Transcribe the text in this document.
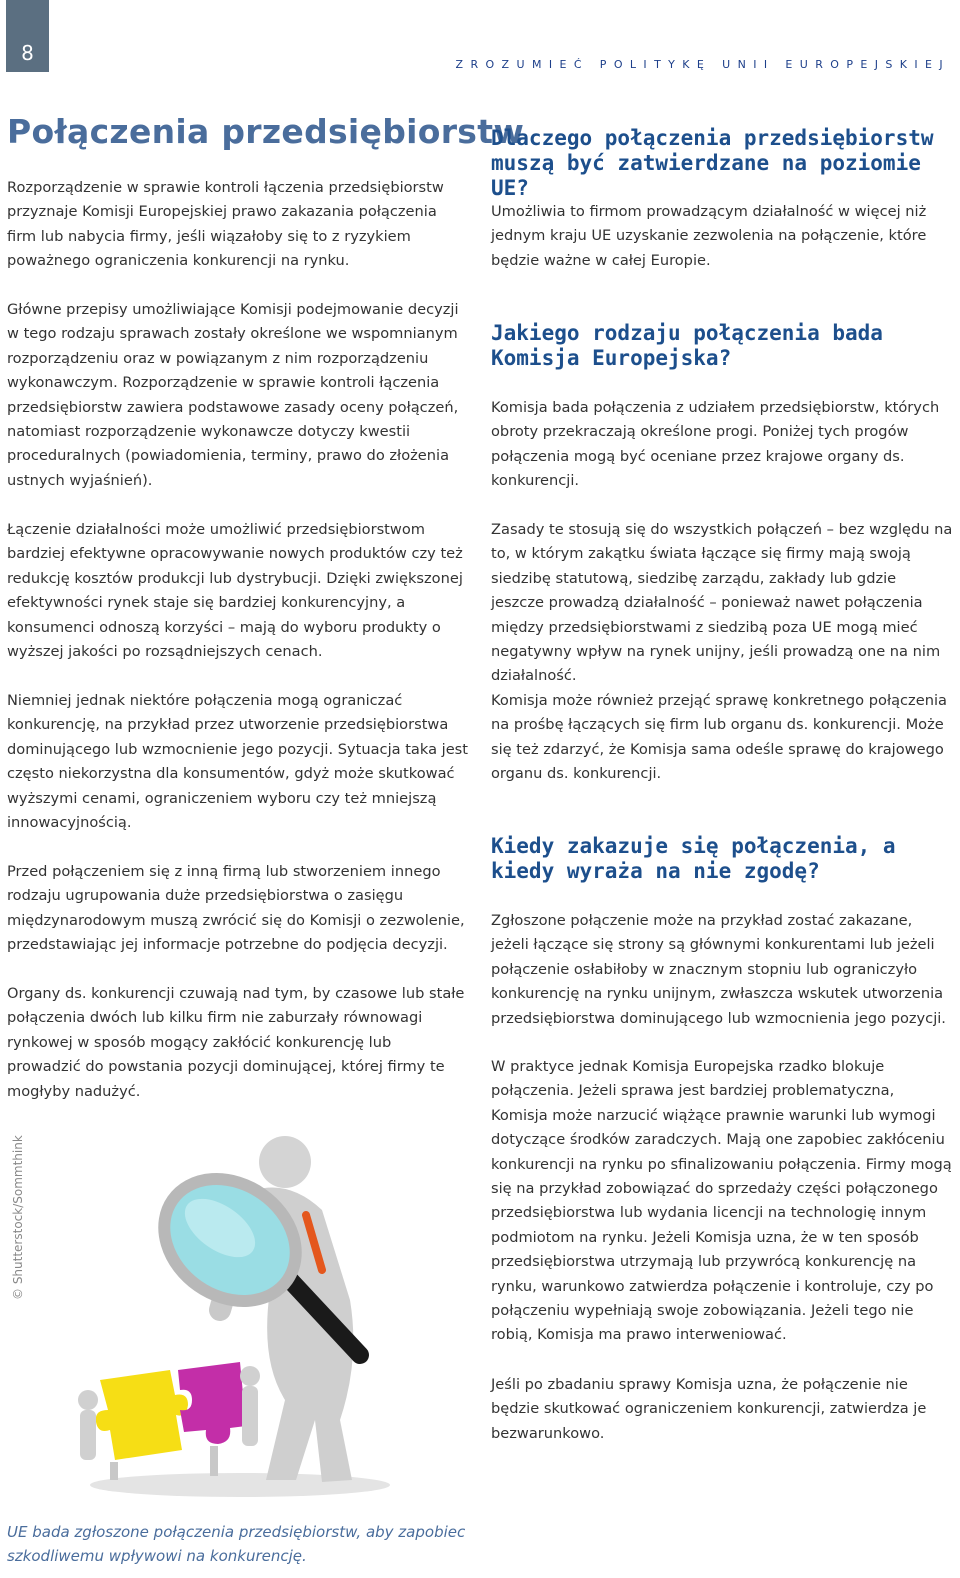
8	ZROZUMIEĆ POLITYKĘ UNII EUROPEJSKIEJ
Połączenia przedsiębiorstw

Rozporządzenie w sprawie kontroli łączenia przedsiębiorstw przyznaje Komisji Europejskiej prawo zakazania połączenia firm lub nabycia firmy, jeśli wiązałoby się to z ryzykiem poważnego ograniczenia konkurencji na rynku.

Główne przepisy umożliwiające Komisji podejmowanie decyzji w tego rodzaju sprawach zostały określone we wspomnianym rozporządzeniu oraz w powiązanym z nim rozporządzeniu wykonawczym. Rozporządzenie w sprawie kontroli łączenia przedsiębiorstw zawiera podstawowe zasady oceny połączeń, natomiast rozporządzenie wykonawcze dotyczy kwestii proceduralnych (powiadomienia, terminy, prawo do złożenia ustnych wyjaśnień).

Łączenie działalności może umożliwić przedsiębiorstwom bardziej efektywne opracowywanie nowych produktów czy też redukcję kosztów produkcji lub dystrybucji. Dzięki zwiększonej efektywności rynek staje się bardziej konkurencyjny, a konsumenci odnoszą korzyści – mają do wyboru produkty o wyższej jakości po rozsądniejszych cenach.

Niemniej jednak niektóre połączenia mogą ograniczać konkurencję, na przykład przez utworzenie przedsiębiorstwa dominującego lub wzmocnienie jego pozycji. Sytuacja taka jest często niekorzystna dla konsumentów, gdyż może skutkować wyższymi cenami, ograniczeniem wyboru czy też mniejszą innowacyjnością.

Przed połączeniem się z inną firmą lub stworzeniem innego rodzaju ugrupowania duże przedsiębiorstwa o zasięgu międzynarodowym muszą zwrócić się do Komisji o zezwolenie, przedstawiając jej informacje potrzebne do podjęcia decyzji.

Organy ds. konkurencji czuwają nad tym, by czasowe lub stałe połączenia dwóch lub kilku firm nie zaburzały równowagi rynkowej w sposób mogący zakłócić konkurencję lub prowadzić do powstania pozycji dominującej, której firmy te mogłyby nadużyć.

© Shutterstock/Sommthink

UE bada zgłoszone połączenia przedsiębiorstw, aby zapobiec szkodliwemu wpływowi na konkurencję.

Dlaczego połączenia przedsiębiorstw muszą być zatwierdzane na poziomie UE?

Umożliwia to firmom prowadzącym działalność w więcej niż jednym kraju UE uzyskanie zezwolenia na połączenie, które będzie ważne w całej Europie.

Jakiego rodzaju połączenia bada Komisja Europejska?

Komisja bada połączenia z udziałem przedsiębiorstw, których obroty przekraczają określone progi. Poniżej tych progów połączenia mogą być oceniane przez krajowe organy ds. konkurencji.

Zasady te stosują się do wszystkich połączeń – bez względu na to, w którym zakątku świata łączące się firmy mają swoją siedzibę statutową, siedzibę zarządu, zakłady lub gdzie jeszcze prowadzą działalność – ponieważ nawet połączenia między przedsiębiorstwami z siedzibą poza UE mogą mieć negatywny wpływ na rynek unijny, jeśli prowadzą one na nim działalność.

Komisja może również przejąć sprawę konkretnego połączenia na prośbę łączących się firm lub organu ds. konkurencji. Może się też zdarzyć, że Komisja sama odeśle sprawę do krajowego organu ds. konkurencji.

Kiedy zakazuje się połączenia, a kiedy wyraża na nie zgodę?

Zgłoszone połączenie może na przykład zostać zakazane, jeżeli łączące się strony są głównymi konkurentami lub jeżeli połączenie osłabiłoby w znacznym stopniu lub ograniczyło konkurencję na rynku unijnym, zwłaszcza wskutek utworzenia przedsiębiorstwa dominującego lub wzmocnienia jego pozycji.

W praktyce jednak Komisja Europejska rzadko blokuje połączenia. Jeżeli sprawa jest bardziej problematyczna, Komisja może narzucić wiążące prawnie warunki lub wymogi dotyczące środków zaradczych. Mają one zapobiec zakłóceniu konkurencji na rynku po sfinalizowaniu połączenia. Firmy mogą się na przykład zobowiązać do sprzedaży części połączonego przedsiębiorstwa lub wydania licencji na technologię innym podmiotom na rynku. Jeżeli Komisja uzna, że w ten sposób przedsiębiorstwa utrzymają lub przywrócą konkurencję na rynku, warunkowo zatwierdza połączenie i kontroluje, czy po połączeniu wypełniają swoje zobowiązania. Jeżeli tego nie robią, Komisja ma prawo interweniować.

Jeśli po zbadaniu sprawy Komisja uzna, że połączenie nie będzie skutkować ograniczeniem konkurencji, zatwierdza je bezwarunkowo.
